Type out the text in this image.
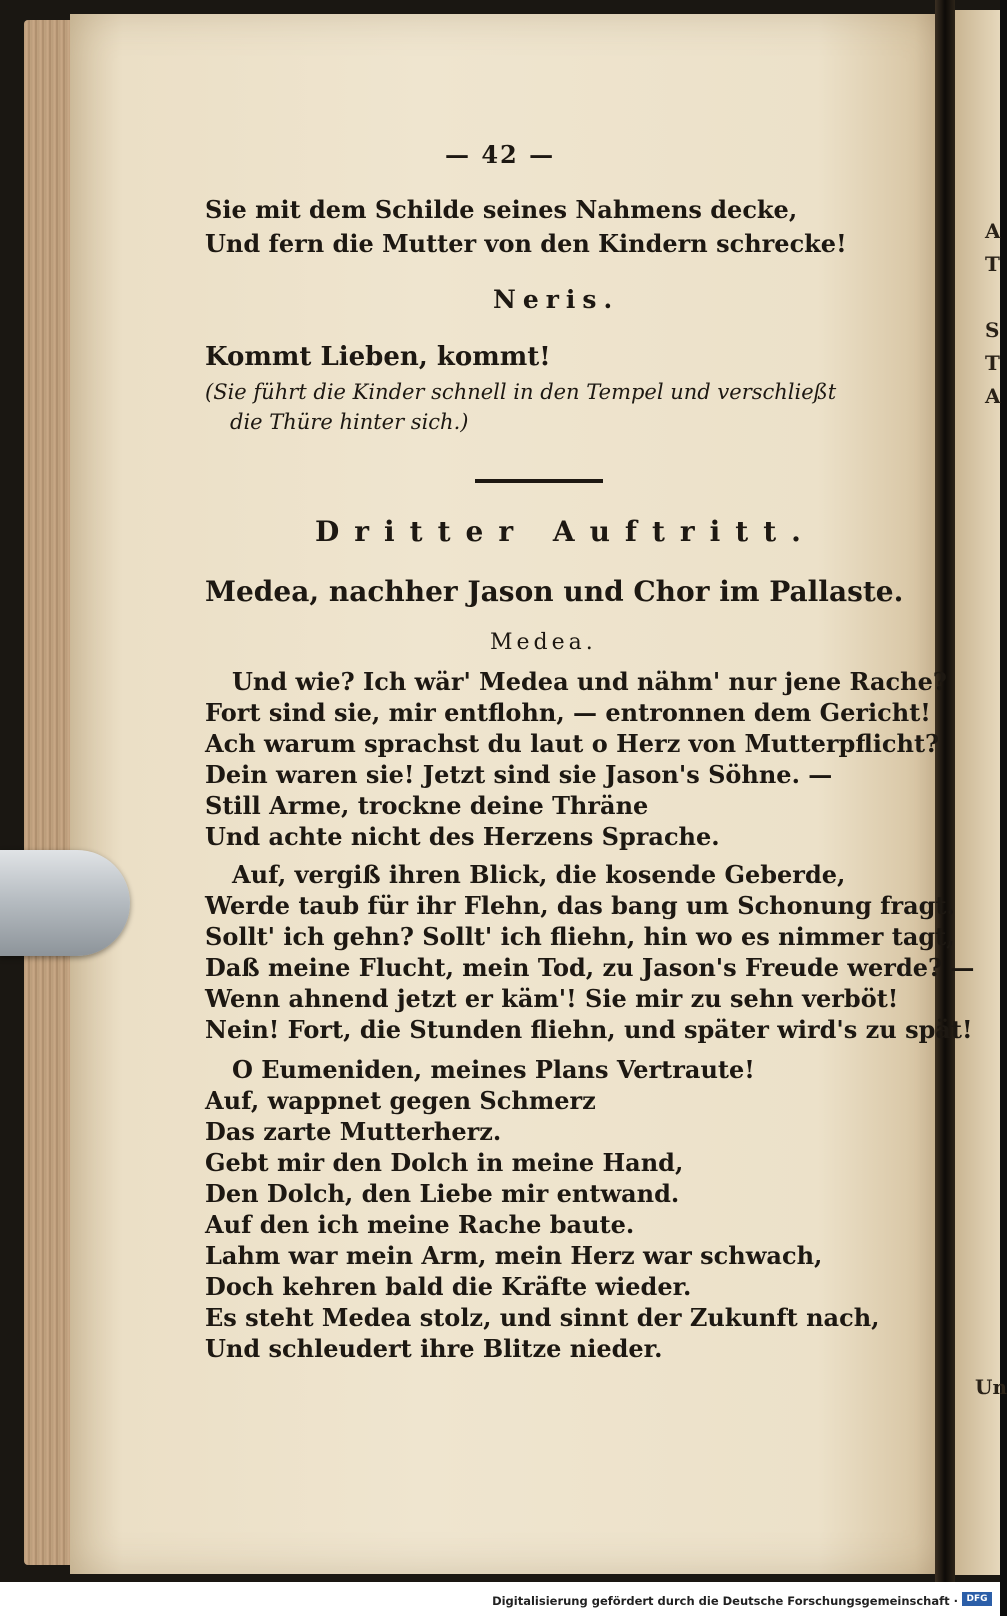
A
T
S
T
A
Un
— 42 —
Sie mit dem Schilde seines Nahmens decke,
Und fern die Mutter von den Kindern schrecke!
Neris.
Kommt Lieben, kommt!
(Sie führt die Kinder schnell in den Tempel und verschließt
die Thüre hinter sich.)
Dritter Auftritt.
Medea, nachher Jason und Chor im Pallaste.
Medea.
Und wie? Ich wär' Medea und nähm' nur jene Rache?
Fort sind sie, mir entflohn, — entronnen dem Gericht!
Ach warum sprachst du laut o Herz von Mutterpflicht?
Dein waren sie! Jetzt sind sie Jason's Söhne. —
Still Arme, trockne deine Thräne
Und achte nicht des Herzens Sprache.
Auf, vergiß ihren Blick, die kosende Geberde,
Werde taub für ihr Flehn, das bang um Schonung fragt.
Sollt' ich gehn? Sollt' ich fliehn, hin wo es nimmer tagt,
Daß meine Flucht, mein Tod, zu Jason's Freude werde? —
Wenn ahnend jetzt er käm'! Sie mir zu sehn verböt!
Nein! Fort, die Stunden fliehn, und später wird's zu spät!
O Eumeniden, meines Plans Vertraute!
Auf, wappnet gegen Schmerz
Das zarte Mutterherz.
Gebt mir den Dolch in meine Hand,
Den Dolch, den Liebe mir entwand.
Auf den ich meine Rache baute.
Lahm war mein Arm, mein Herz war schwach,
Doch kehren bald die Kräfte wieder.
Es steht Medea stolz, und sinnt der Zukunft nach,
Und schleudert ihre Blitze nieder.
Digitalisierung gefördert durch die Deutsche Forschungsgemeinschaft · DFG
